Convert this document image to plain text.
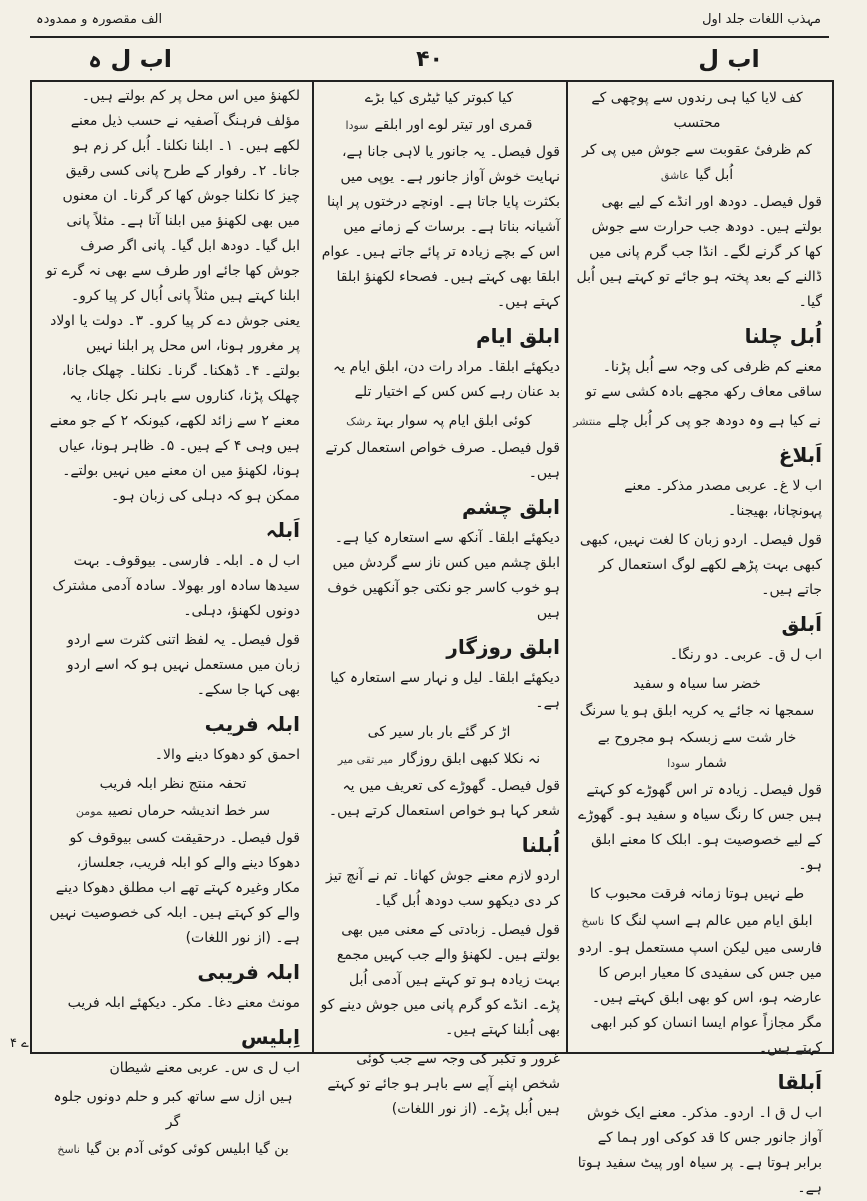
مہذب اللغات جلد اول
الف مقصورہ و ممدودہ
اب ل
۴۰
اب ل ہ
کف لایا کیا ہی رندوں سے پوچھی کے محتسب
کم ظرفیٔ عقوبت سے جوش میں پی کر اُبل گیاعاشق

قول فیصل۔ دودھ اور انڈے کے لیے بھی بولتے ہیں۔ دودھ جب حرارت سے جوش کھا کر گرنے لگے۔ انڈا جب گرم پانی میں ڈالنے کے بعد پختہ ہو جائے تو کہتے ہیں اُبل گیا۔

اُبل چلنا

معنے کم ظرفی کی وجہ سے اُبل پڑنا۔ ساقی معاف رکھ مجھے بادہ کشی سے تو

نے کیا ہے وہ دودھ جو پی کر اُبل چلےمنتشر
اَبلاغ

اب لا غ۔ عربی مصدر مذکر۔ معنے پہونچانا، بھیجنا۔

قول فیصل۔ اردو زبان کا لغت نہیں، کبھی کبھی بہت پڑھے لکھے لوگ استعمال کر جاتے ہیں۔

اَبلق

اب ل ق۔ عربی۔ دو رنگا۔

خضر سا سیاہ و سفید
سمجھا نہ جائے یہ کریہ ابلق ہو یا سرنگ
خار شت سے زبسکہ ہو مجروح بے شمارسودا

قول فیصل۔ زیادہ تر اس گھوڑے کو کہتے ہیں جس کا رنگ سیاہ و سفید ہو۔ گھوڑے کے لیے خصوصیت ہو۔ ابلک کا معنے ابلق ہو۔

طے نہیں ہوتا زمانہ فرقت محبوب کا
ابلق ایام میں عالم ہے اسپ لنگ کاناسخ

فارسی میں لیکن اسپ مستعمل ہو۔ اردو میں جس کی سفیدی کا معیار ابرص کا عارضہ ہو، اس کو بھی ابلق کہتے ہیں۔ مگر مجازاً عوام ایسا انسان کو کبر ابھی کہتے ہیں۔

اَبلقا

اب ل ق ا۔ اردو۔ مذکر۔ معنے ایک خوش آواز جانور جس کا قد کوکی اور ہما کے برابر ہوتا ہے۔ پر سیاہ اور پیٹ سفید ہوتا ہے۔

کیا کبوتر کیا ٹیٹری کیا بڑے
قمری اور تیتر لوے اور ابلقےسودا

قول فیصل۔ یہ جانور یا لاہی جانا ہے، نہایت خوش آواز جانور ہے۔ یوپی میں بکثرت پایا جاتا ہے۔ اونچے درختوں پر اپنا آشیانہ بناتا ہے۔ برسات کے زمانے میں اس کے بچے زیادہ تر پائے جاتے ہیں۔ عوام ابلقا بھی کہتے ہیں۔ فصحاء لکھنؤ ابلقا کہتے ہیں۔

ابلق ایام

دیکھئے ابلقا۔ مراد رات دن، ابلق ایام یہ بد عنان رہے کس کس کے اختیار تلے

کوئی ابلق ایام پہ سوار بہترشک

قول فیصل۔ صرف خواص استعمال کرتے ہیں۔

ابلق چشم

دیکھئے ابلقا۔ آنکھ سے استعارہ کیا ہے۔ ابلق چشم میں کس ناز سے گردش میں ہو خوب کاسر جو نکتی جو آنکھیں خوف ہیں

ابلق روزگار

دیکھئے ابلقا۔ لیل و نہار سے استعارہ کیا ہے۔

اڑ کر گئے بار بار سیر کی
نہ نکلا کبھی ابلق روزگارمیر تقی میر

قول فیصل۔ گھوڑے کی تعریف میں یہ شعر کہا ہو خواص استعمال کرتے ہیں۔

اُبلنا

اردو لازم معنے جوش کھانا۔ تم نے آنچ تیز کر دی دیکھو سب دودھ اُبل گیا۔

قول فیصل۔ زبادتی کے معنی میں بھی بولتے ہیں۔ لکھنؤ والے جب کہیں مجمع بہت زیادہ ہو تو کہتے ہیں آدمی اُبل پڑے۔ انڈے کو گرم پانی میں جوش دینے کو بھی اُبلنا کہتے ہیں۔

غرور و تکبر کی وجہ سے جب کوئی شخص اپنے آپے سے باہر ہو جائے تو کہتے ہیں اُبل پڑے۔ (از نور اللغات)

لکھنؤ میں اس محل پر کم بولتے ہیں۔ مؤلف فرہنگ آصفیہ نے حسب ذیل معنے لکھے ہیں۔ ۱۔ ابلنا نکلنا۔ اُبل کر زم ہو جانا۔ ۲۔ رفوار کے طرح پانی کسی رقیق چیز کا نکلنا جوش کھا کر گرنا۔ ان معنوں میں بھی لکھنؤ میں ابلنا آتا ہے۔ مثلاً پانی ابل گیا۔ دودھ ابل گیا۔ پانی اگر صرف جوش کھا جائے اور طرف سے بھی نہ گرے تو ابلنا کہتے ہیں مثلاً پانی اُبال کر پیا کرو۔ یعنی جوش دے کر پیا کرو۔ ۳۔ دولت یا اولاد پر مغرور ہونا، اس محل پر ابلنا نہیں بولتے۔ ۴۔ ڈھکنا۔ گرنا۔ نکلنا۔ چھلک جانا، چھلک پڑنا، کناروں سے باہر نکل جانا، یہ معنے ۲ سے زائد لکھے، کیونکہ ۲ کے جو معنے ہیں وہی ۴ کے ہیں۔ ۵۔ ظاہر ہونا، عیاں ہونا، لکھنؤ میں ان معنے میں نہیں بولتے۔ ممکن ہو کہ دہلی کی زبان ہو۔

اَبلہ

اب ل ہ۔ ابلہ۔ فارسی۔ بیوقوف۔ بہت سیدھا سادہ اور بھولا۔ سادہ آدمی مشترک دونوں لکھنؤ، دہلی۔

قول فیصل۔ یہ لفظ اتنی کثرت سے اردو زبان میں مستعمل نہیں ہو کہ اسے اردو بھی کہا جا سکے۔

ابلہ فریب

احمق کو دھوکا دینے والا۔

تحفہ منتج نظر ابلہ فریب
سر خط اندیشہ حرماں نصیبمومن

قول فیصل۔ درحقیقت کسی بیوقوف کو دھوکا دینے والے کو ابلہ فریب، جعلساز، مکار وغیرہ کہتے تھے اب مطلق دھوکا دینے والے کو کہتے ہیں۔ ابلہ کی خصوصیت نہیں ہے۔ (از نور اللغات)

ابلہ فریبی

مونث معنے دغا۔ مکر۔ دیکھئے ابلہ فریب

اِبلیس

اب ل ی س۔ عربی معنے شیطان

ہیں ازل سے ساتھ کبر و حلم دونوں جلوہ گر
بن گیا ابلیس کوئی کوئی آدم بن گیاناسخ
۴ ے
